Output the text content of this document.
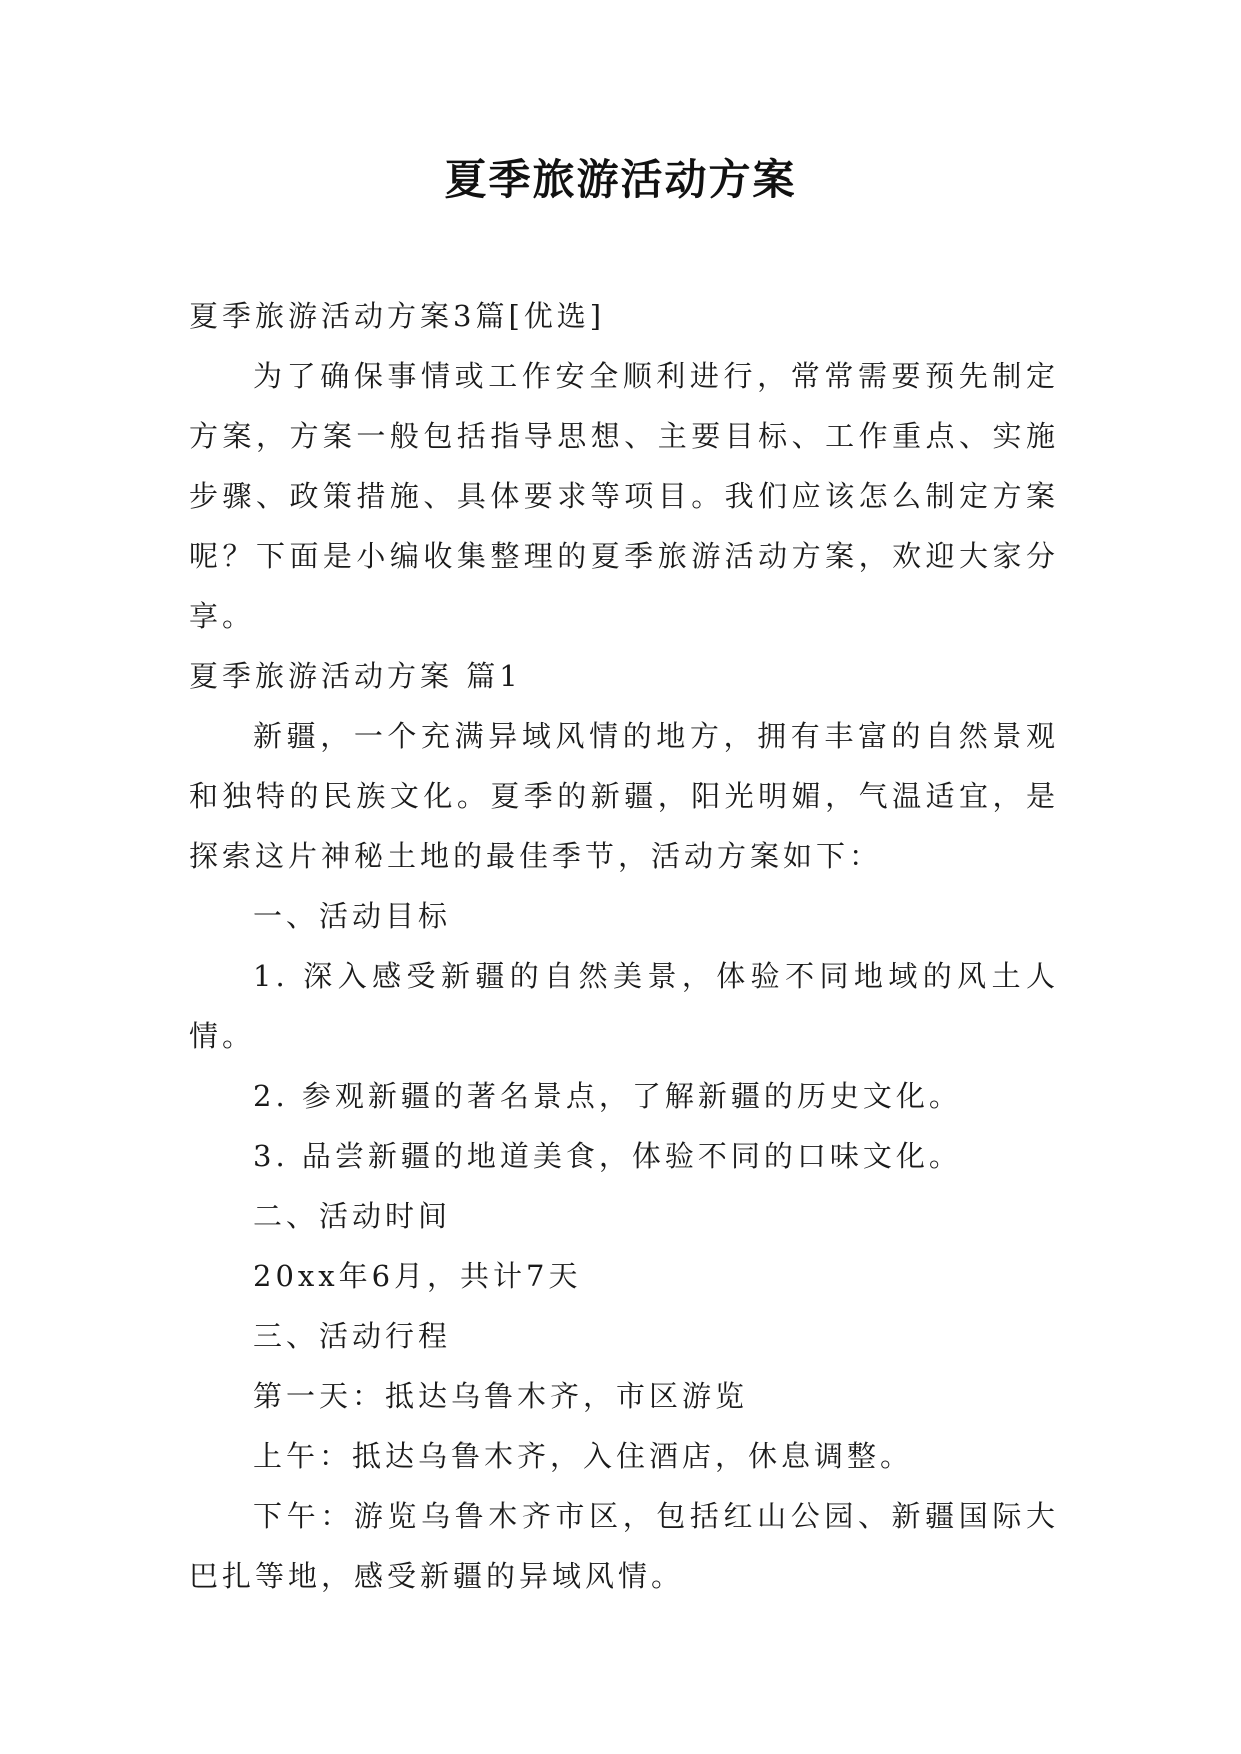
夏季旅游活动方案

夏季旅游活动方案3篇[优选]

为了确保事情或工作安全顺利进行，常常需要预先制定方案，方案一般包括指导思想、主要目标、工作重点、实施步骤、政策措施、具体要求等项目。我们应该怎么制定方案呢？下面是小编收集整理的夏季旅游活动方案，欢迎大家分享。

夏季旅游活动方案 篇1

新疆，一个充满异域风情的地方，拥有丰富的自然景观和独特的民族文化。夏季的新疆，阳光明媚，气温适宜，是探索这片神秘土地的最佳季节，活动方案如下：

一、活动目标

1. 深入感受新疆的自然美景，体验不同地域的风土人情。

2. 参观新疆的著名景点，了解新疆的历史文化。

3. 品尝新疆的地道美食，体验不同的口味文化。

二、活动时间

20xx年6月，共计7天

三、活动行程

第一天：抵达乌鲁木齐，市区游览

上午：抵达乌鲁木齐，入住酒店，休息调整。

下午：游览乌鲁木齐市区，包括红山公园、新疆国际大巴扎等地，感受新疆的异域风情。
